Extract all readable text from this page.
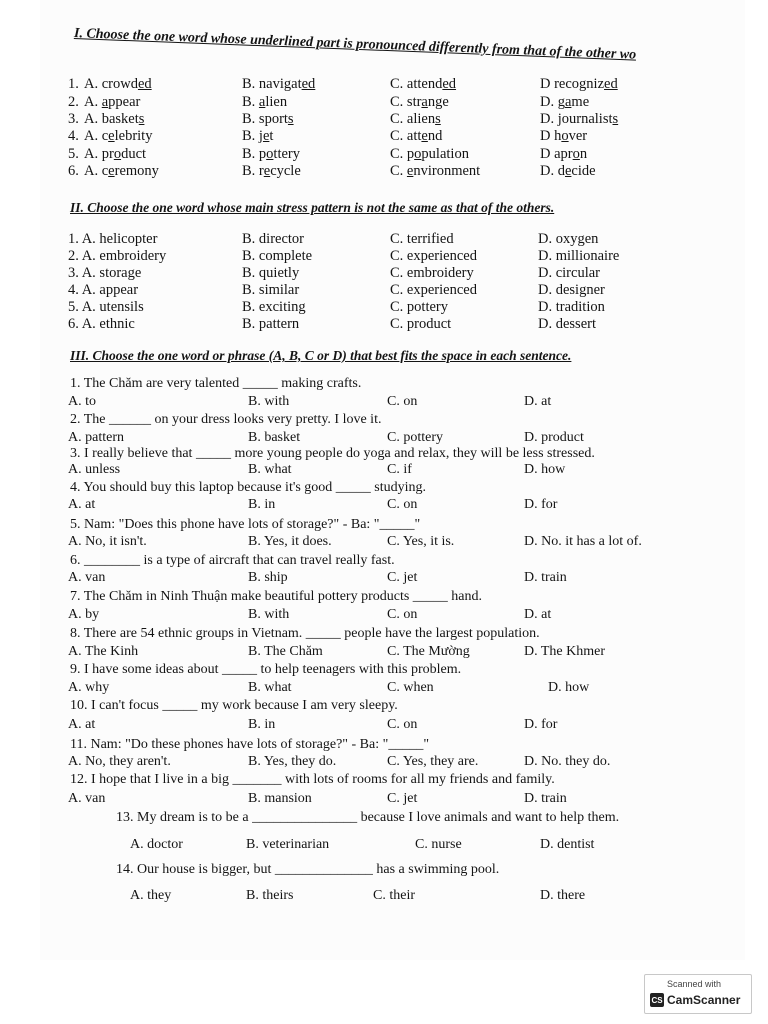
I. Choose the one word whose underlined part is pronounced differently from that of the other wo
1. A. crowded	B. navigated	C. attended	D recognized
2. A. appear	B. alien	C. strange	D. game
3. A. baskets	B. sports	C. aliens	D. journalists
4. A. celebrity	B. jet	C. attend	D hover
5. A. product	B. pottery	C. population	D apron
6. A. ceremony	B. recycle	C. environment	D. decide
II. Choose the one word whose main stress pattern is not the same as that of the others.
1. A. helicopter	B. director	C. terrified	D. oxygen
2. A. embroidery	B. complete	C. experienced	D. millionaire
3. A. storage	B. quietly	C. embroidery	D. circular
4. A. appear	B. similar	C. experienced	D. designer
5. A. utensils	B. exciting	C. pottery	D. tradition
6. A. ethnic	B. pattern	C. product	D. dessert
III. Choose the one word or phrase (A, B, C or D) that best fits the space in each sentence.
1. The Chăm are very talented _____ making crafts.
A. to	B. with	C. on	D. at
2. The ______ on your dress looks very pretty. I love it.
A. pattern	B. basket	C. pottery	D. product
3. I really believe that _____ more young people do yoga and relax, they will be less stressed.
A. unless	B. what	C. if	D. how
4. You should buy this laptop because it's good _____ studying.
A. at	B. in	C. on	D. for
5. Nam: "Does this phone have lots of storage?" - Ba: "_____"
A. No, it isn't.	B. Yes, it does.	C. Yes, it is.	D. No. it has a lot of.
6. ________ is a type of aircraft that can travel really fast.
A. van	B. ship	C. jet	D. train
7. The Chăm in Ninh Thuận make beautiful pottery products _____ hand.
A. by	B. with	C. on	D. at
8. There are 54 ethnic groups in Vietnam. _____ people have the largest population.
A. The Kinh	B. The Chăm	C. The Mường	D. The Khmer
9. I have some ideas about _____ to help teenagers with this problem.
A. why	B. what	C. when	D. how
10. I can't focus _____ my work because I am very sleepy.
A. at	B. in	C. on	D. for
11. Nam: "Do these phones have lots of storage?" - Ba: "_____"
A. No, they aren't.	B. Yes, they do.	C. Yes, they are.	D. No. they do.
12. I hope that I live in a big _______ with lots of rooms for all my friends and family.
A. van	B. mansion	C. jet	D. train
13. My dream is to be a _______________ because I love animals and want to help them.
A. doctor	B. veterinarian	C. nurse	D. dentist
14. Our house is bigger, but ______________ has a swimming pool.
A. they	B. theirs	C. their	D. there
Scanned with
CS CamScanner
